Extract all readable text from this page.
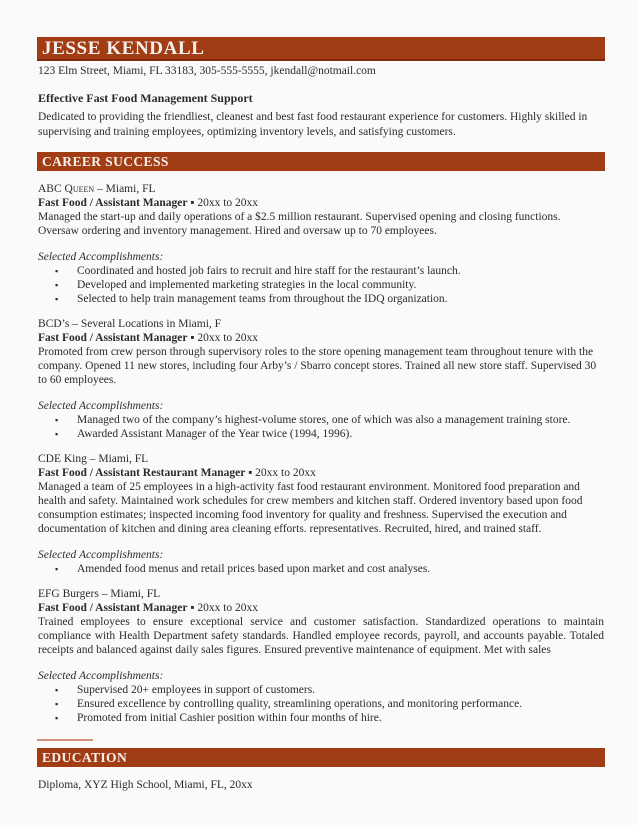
JESSE KENDALL
123 Elm Street, Miami, FL 33183, 305-555-5555, jkendall@notmail.com
Effective Fast Food Management Support
Dedicated to providing the friendliest, cleanest and best fast food restaurant experience for customers. Highly skilled in supervising and training employees, optimizing inventory levels, and satisfying customers.
CAREER SUCCESS
ABC Queen – Miami, FL
Fast Food / Assistant Manager ▪ 20xx to 20xx
Managed the start-up and daily operations of a $2.5 million restaurant. Supervised opening and closing functions. Oversaw ordering and inventory management. Hired and oversaw up to 70 employees.
Selected Accomplishments:
▪	Coordinated and hosted job fairs to recruit and hire staff for the restaurant’s launch.
▪	Developed and implemented marketing strategies in the local community.
▪	Selected to help train management teams from throughout the IDQ organization.
BCD’s – Several Locations in Miami, F
Fast Food / Assistant Manager ▪ 20xx to 20xx
Promoted from crew person through supervisory roles to the store opening management team throughout tenure with the company. Opened 11 new stores, including four Arby’s / Sbarro concept stores. Trained all new store staff. Supervised 30 to 60 employees.
Selected Accomplishments:
▪	Managed two of the company’s highest-volume stores, one of which was also a management training store.
▪	Awarded Assistant Manager of the Year twice (1994, 1996).
CDE King – Miami, FL
Fast Food / Assistant Restaurant Manager ▪ 20xx to 20xx
Managed a team of 25 employees in a high-activity fast food restaurant environment. Monitored food preparation and health and safety. Maintained work schedules for crew members and kitchen staff. Ordered inventory based upon food consumption estimates; inspected incoming food inventory for quality and freshness. Supervised the execution and documentation of kitchen and dining area cleaning efforts. representatives. Recruited, hired, and trained staff.
Selected Accomplishments:
▪	Amended food menus and retail prices based upon market and cost analyses.
EFG Burgers – Miami, FL
Fast Food / Assistant Manager ▪ 20xx to 20xx
Trained employees to ensure exceptional service and customer satisfaction. Standardized operations to maintain compliance with Health Department safety standards. Handled employee records, payroll, and accounts payable. Totaled receipts and balanced against daily sales figures. Ensured preventive maintenance of equipment. Met with sales
Selected Accomplishments:
▪	Supervised 20+ employees in support of customers.
▪	Ensured excellence by controlling quality, streamlining operations, and monitoring performance.
▪	Promoted from initial Cashier position within four months of hire.
EDUCATION
Diploma, XYZ High School, Miami, FL, 20xx
